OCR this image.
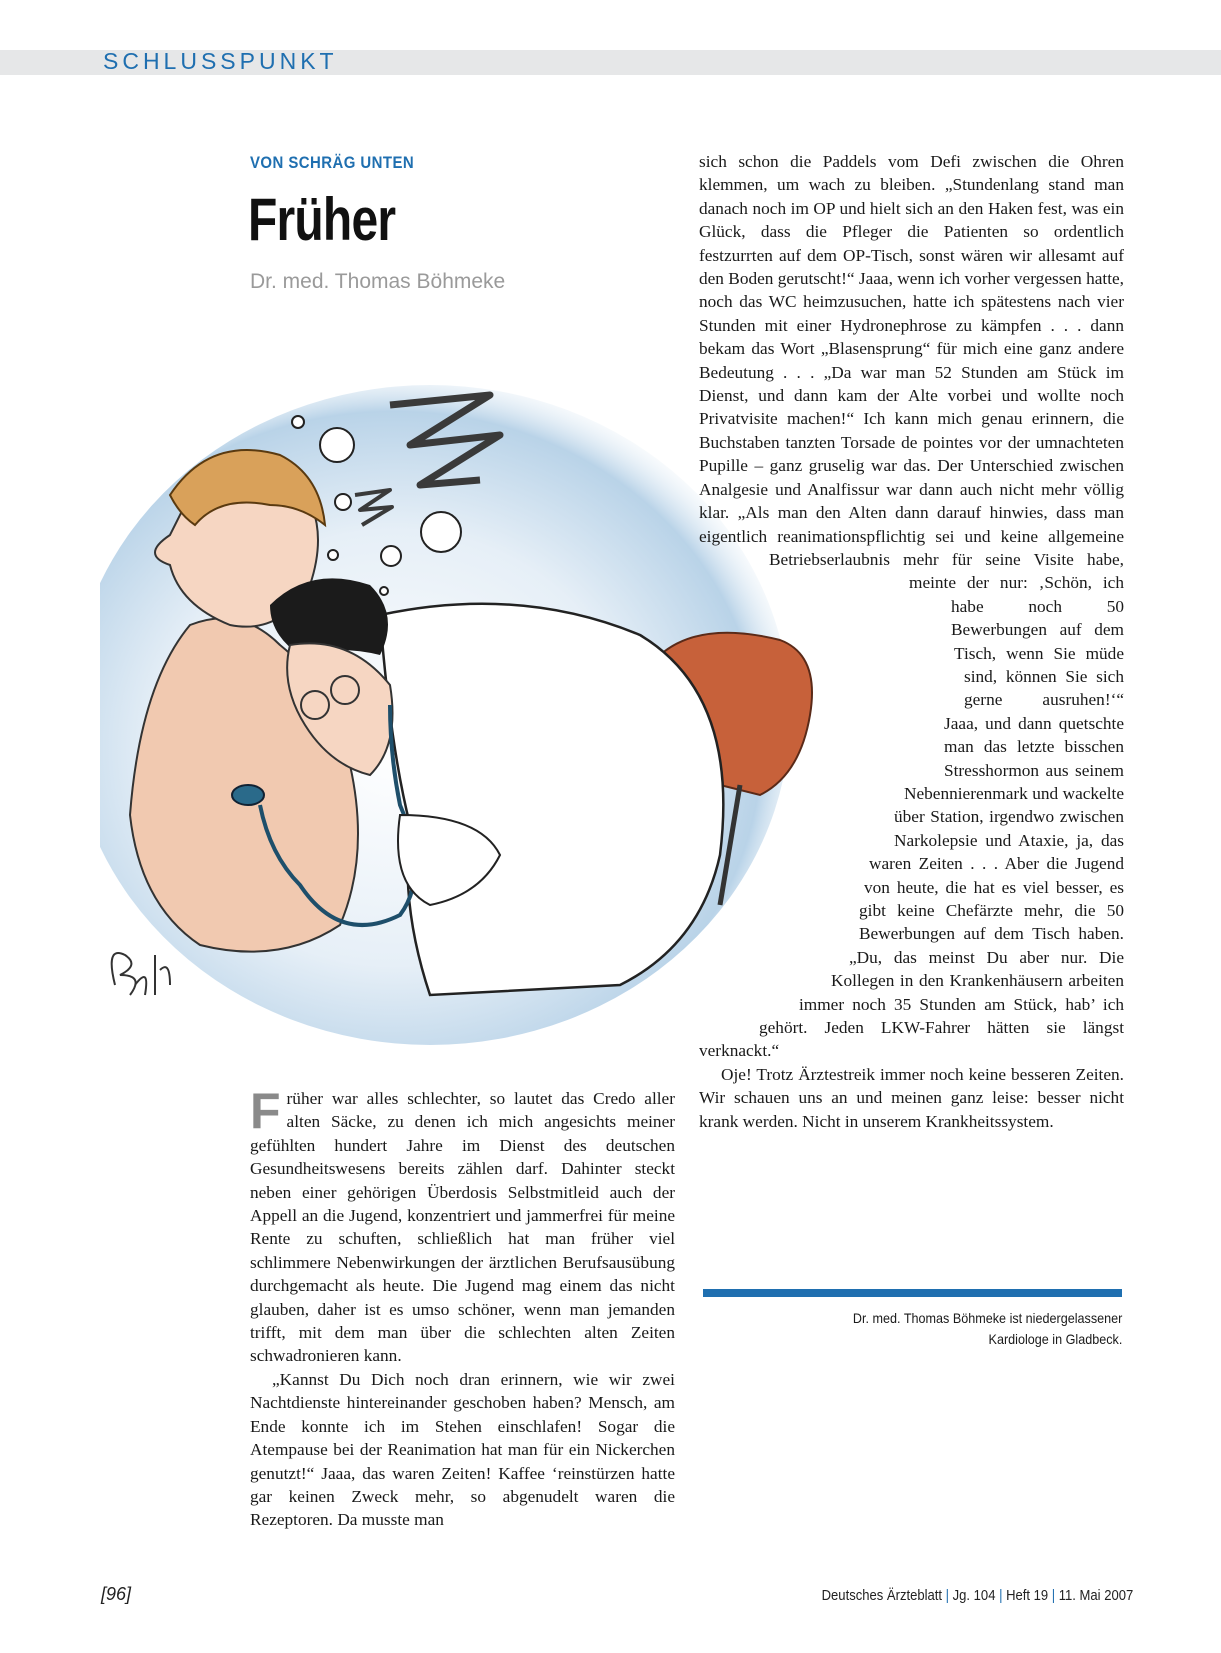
SCHLUSSPUNKT
VON SCHRÄG UNTEN
Früher
Dr. med. Thomas Böhmeke

Früher war alles schlechter, so lautet das Credo aller alten Säcke, zu denen ich mich angesichts meiner gefühlten hundert Jahre im Dienst des deutschen Gesundheitswesens bereits zählen darf. Dahinter steckt neben einer gehörigen Überdosis Selbstmitleid auch der Appell an die Jugend, konzentriert und jammerfrei für meine Rente zu schuften, schließlich hat man früher viel schlimmere Nebenwirkungen der ärztlichen Berufsausübung durchgemacht als heute. Die Jugend mag einem das nicht glauben, daher ist es umso schöner, wenn man jemanden trifft, mit dem man über die schlechten alten Zeiten schwadronieren kann.

„Kannst Du Dich noch dran erinnern, wie wir zwei Nachtdienste hintereinander geschoben haben? Mensch, am Ende konnte ich im Stehen einschlafen! Sogar die Atempause bei der Reanimation hat man für ein Nickerchen genutzt!“ Jaaa, das waren Zeiten! Kaffee ‘reinstürzen hatte gar keinen Zweck mehr, so abgenudelt waren die Rezeptoren. Da musste man

sich schon die Paddels vom Defi zwischen die Ohren klemmen, um wach zu bleiben. „Stundenlang stand man danach noch im OP und hielt sich an den Haken fest, was ein Glück, dass die Pfleger die Patienten so ordentlich festzurrten auf dem OP-Tisch, sonst wären wir allesamt auf den Boden gerutscht!“ Jaaa, wenn ich vorher vergessen hatte, noch das WC heimzusuchen, hatte ich spätestens nach vier Stunden mit einer Hydronephrose zu kämpfen . . . dann bekam das Wort „Blasensprung“ für mich eine ganz andere Bedeutung . . . „Da war man 52 Stunden am Stück im Dienst, und dann kam der Alte vorbei und wollte noch Privatvisite machen!“ Ich kann mich genau erinnern, die Buchstaben tanzten Torsade de pointes vor der umnachteten Pupille – ganz gruselig war das. Der Unterschied zwischen Analgesie und Analfissur war dann auch nicht mehr völlig klar. „Als man den Alten dann darauf hinwies, dass man eigentlich reanimationspflichtig sei und keine allgemeine Betriebserlaubnis mehr für seine Visite habe, meinte der nur: ‚Schön, ich habe noch 50 Bewerbungen auf dem Tisch, wenn Sie müde sind, können Sie sich gerne ausruhen!‘“ Jaaa, und dann quetschte man das letzte bisschen Stresshormon aus seinem Nebennierenmark und wackelte über Station, irgendwo zwischen Narkolepsie und Ataxie, ja, das waren Zeiten . . . Aber die Jugend von heute, die hat es viel besser, es gibt keine Chefärzte mehr, die 50 Bewerbungen auf dem Tisch haben. „Du, das meinst Du aber nur. Die Kollegen in den Krankenhäusern arbeiten immer noch 35 Stunden am Stück, hab’ ich gehört. Jeden LKW-Fahrer hätten sie längst verknackt.“

Oje! Trotz Ärztestreik immer noch keine besseren Zeiten. Wir schauen uns an und meinen ganz leise: besser nicht krank werden. Nicht in unserem Krankheitssystem.

Dr. med. Thomas Böhmeke ist niedergelassener
Kardiologe in Gladbeck.
[96]	Deutsches Ärzteblatt | Jg. 104 | Heft 19 | 11. Mai 2007
